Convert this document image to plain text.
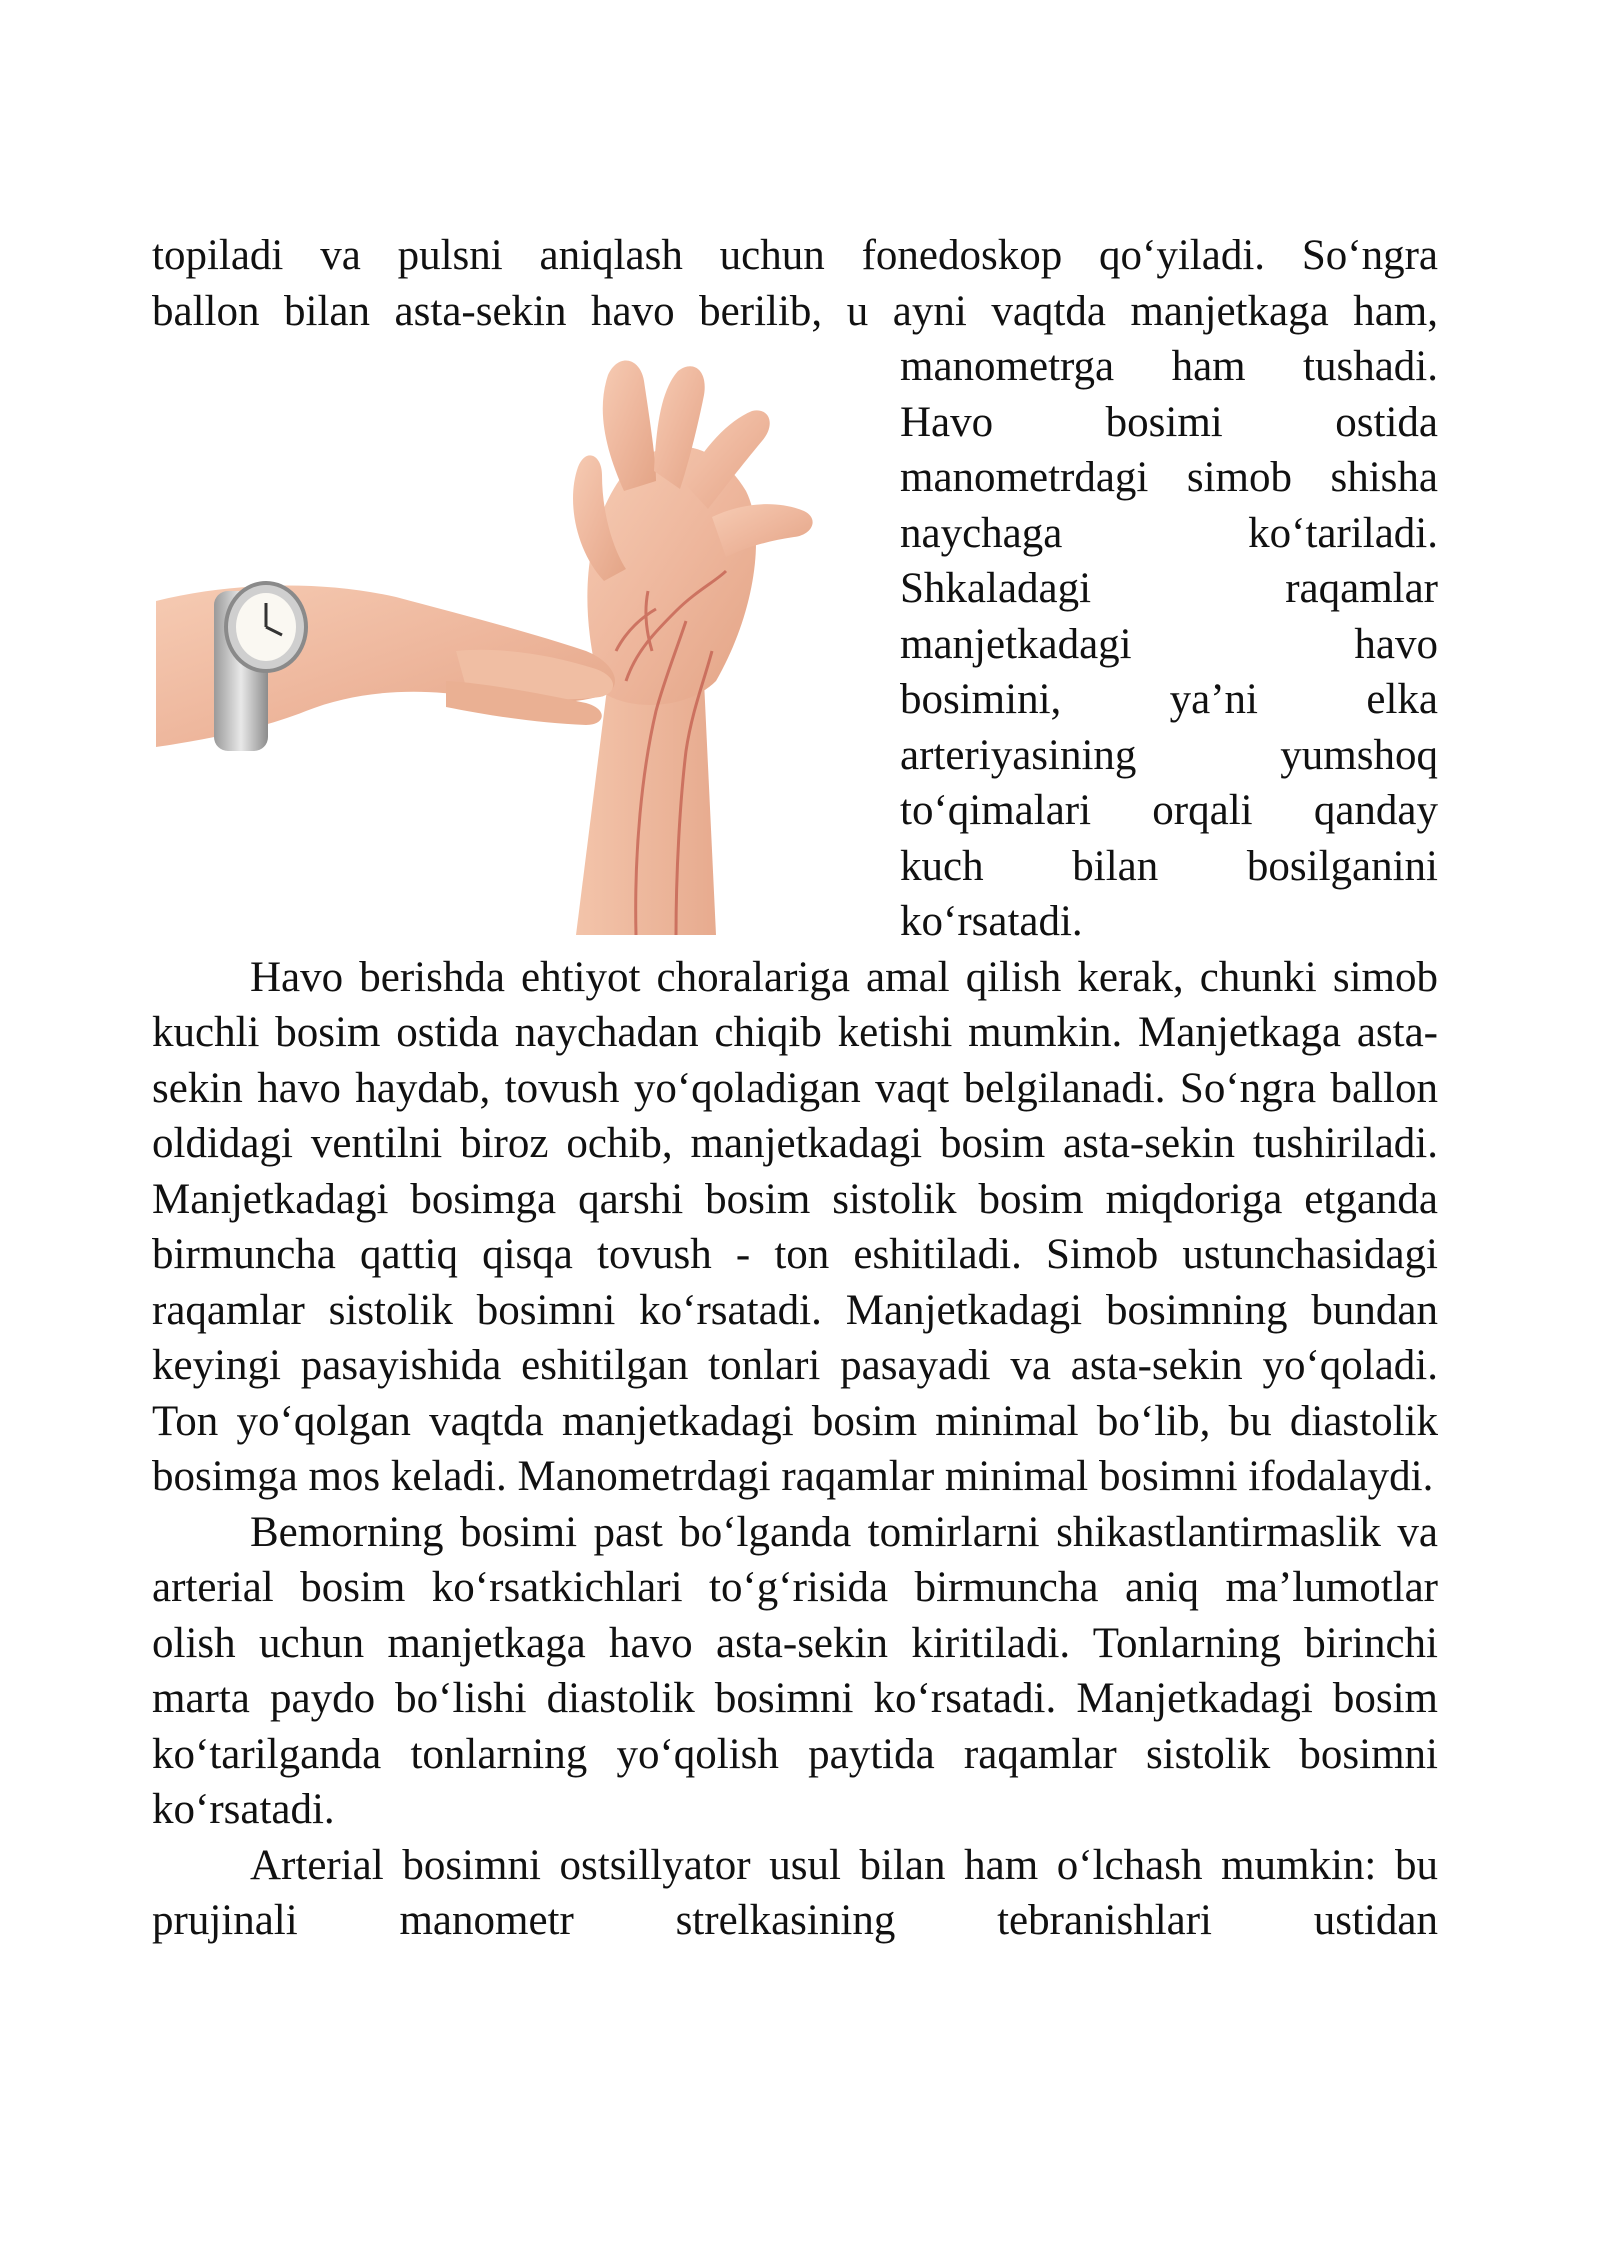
topiladi va pulsni aniqlash uchun fonedoskop qo‘yiladi. So‘ngra

ballon bilan asta-sekin havo berilib, u ayni vaqtda manjetkaga ham,

manometrga ham tushadi.
Havo bosimi ostida
manometrdagi simob shisha
naychaga ko‘tariladi.
Shkaladagi raqamlar
manjetkadagi havo
bosimini, ya’ni elka
arteriyasining yumshoq
to‘qimalari orqali qanday
kuch bilan bosilganini
ko‘rsatadi.

Havo berishda ehtiyot choralariga amal qilish kerak, chunki simob kuchli bosim ostida naychadan chiqib ketishi mumkin. Manjetkaga asta-sekin havo haydab, tovush yo‘qoladigan vaqt belgilanadi. So‘ngra ballon oldidagi ventilni biroz ochib, manjetkadagi bosim asta-sekin tushiriladi. Manjetkadagi bosimga qarshi bosim sistolik bosim miqdoriga etganda birmuncha qattiq qisqa tovush - ton eshitiladi. Simob ustunchasidagi raqamlar sistolik bosimni ko‘rsatadi. Manjetkadagi bosimning bundan keyingi pasayishida eshitilgan tonlari pasayadi va asta-sekin yo‘qoladi. Ton yo‘qolgan vaqtda manjetkadagi bosim minimal bo‘lib, bu diastolik bosimga mos keladi. Manometrdagi raqamlar minimal bosimni ifodalaydi.

Bemorning bosimi past bo‘lganda tomirlarni shikastlantirmaslik va arterial bosim ko‘rsatkichlari to‘g‘risida birmuncha aniq ma’lumotlar olish uchun manjetkaga havo asta-sekin kiritiladi. Tonlarning birinchi marta paydo bo‘lishi diastolik bosimni ko‘rsatadi. Manjetkadagi bosim ko‘tarilganda tonlarning yo‘qolish paytida raqamlar sistolik bosimni ko‘rsatadi.

Arterial bosimni ostsillyator usul bilan ham o‘lchash mumkin: bu prujinali manometr strelkasining tebranishlari ustidan
